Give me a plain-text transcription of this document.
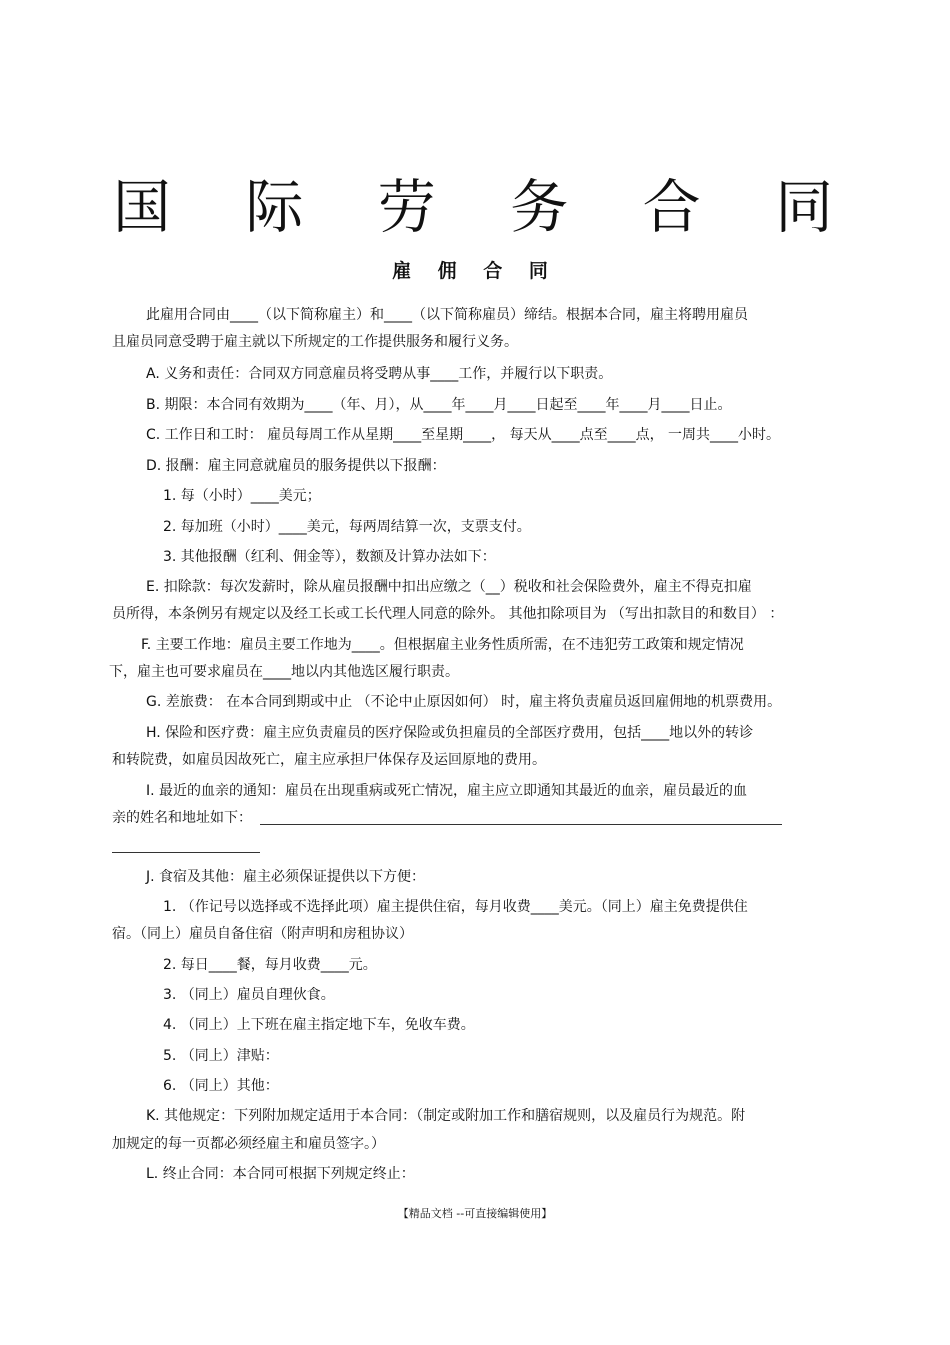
国 际 劳 务 合 同
雇 佣 合 同

此雇用合同由____（以下简称雇主）和____（以下简称雇员）缔结。根据本合同，雇主将聘用雇员

且雇员同意受聘于雇主就以下所规定的工作提供服务和履行义务。

A. 义务和责任：合同双方同意雇员将受聘从事____工作，并履行以下职责。

B. 期限：本合同有效期为____（年、月），从____年____月____日起至____年____月____日止。

C. 工作日和工时： 雇员每周工作从星期____至星期____， 每天从____点至____点， 一周共____小时。

D. 报酬：雇主同意就雇员的服务提供以下报酬：

1. 每（小时）____美元；

2. 每加班（小时）____美元，每两周结算一次，支票支付。

3. 其他报酬（红利、佣金等），数额及计算办法如下：

E. 扣除款：每次发薪时，除从雇员报酬中扣出应缴之（__）税收和社会保险费外，雇主不得克扣雇

员所得，本条例另有规定以及经工长或工长代理人同意的除外。 其他扣除项目为 （写出扣款目的和数目） ：

F. 主要工作地：雇员主要工作地为____。但根据雇主业务性质所需，在不违犯劳工政策和规定情况

下，雇主也可要求雇员在____地以内其他选区履行职责。

G. 差旅费： 在本合同到期或中止 （不论中止原因如何） 时，雇主将负责雇员返回雇佣地的机票费用。

H. 保险和医疗费：雇主应负责雇员的医疗保险或负担雇员的全部医疗费用，包括____地以外的转诊

和转院费，如雇员因故死亡，雇主应承担尸体保存及运回原地的费用。

I. 最近的血亲的通知：雇员在出现重病或死亡情况，雇主应立即通知其最近的血亲，雇员最近的血

亲的姓名和地址如下：

J. 食宿及其他：雇主必须保证提供以下方便：

1. （作记号以选择或不选择此项）雇主提供住宿，每月收费____美元。（同上）雇主免费提供住

宿。（同上）雇员自备住宿（附声明和房租协议）

2. 每日____餐，每月收费____元。

3. （同上）雇员自理伙食。

4. （同上）上下班在雇主指定地下车，免收车费。

5. （同上）津贴：

6. （同上）其他：

K. 其他规定：下列附加规定适用于本合同：（制定或附加工作和膳宿规则，以及雇员行为规范。附

加规定的每一页都必须经雇主和雇员签字。）

L. 终止合同：本合同可根据下列规定终止：

【精品文档 --可直接编辑使用】
